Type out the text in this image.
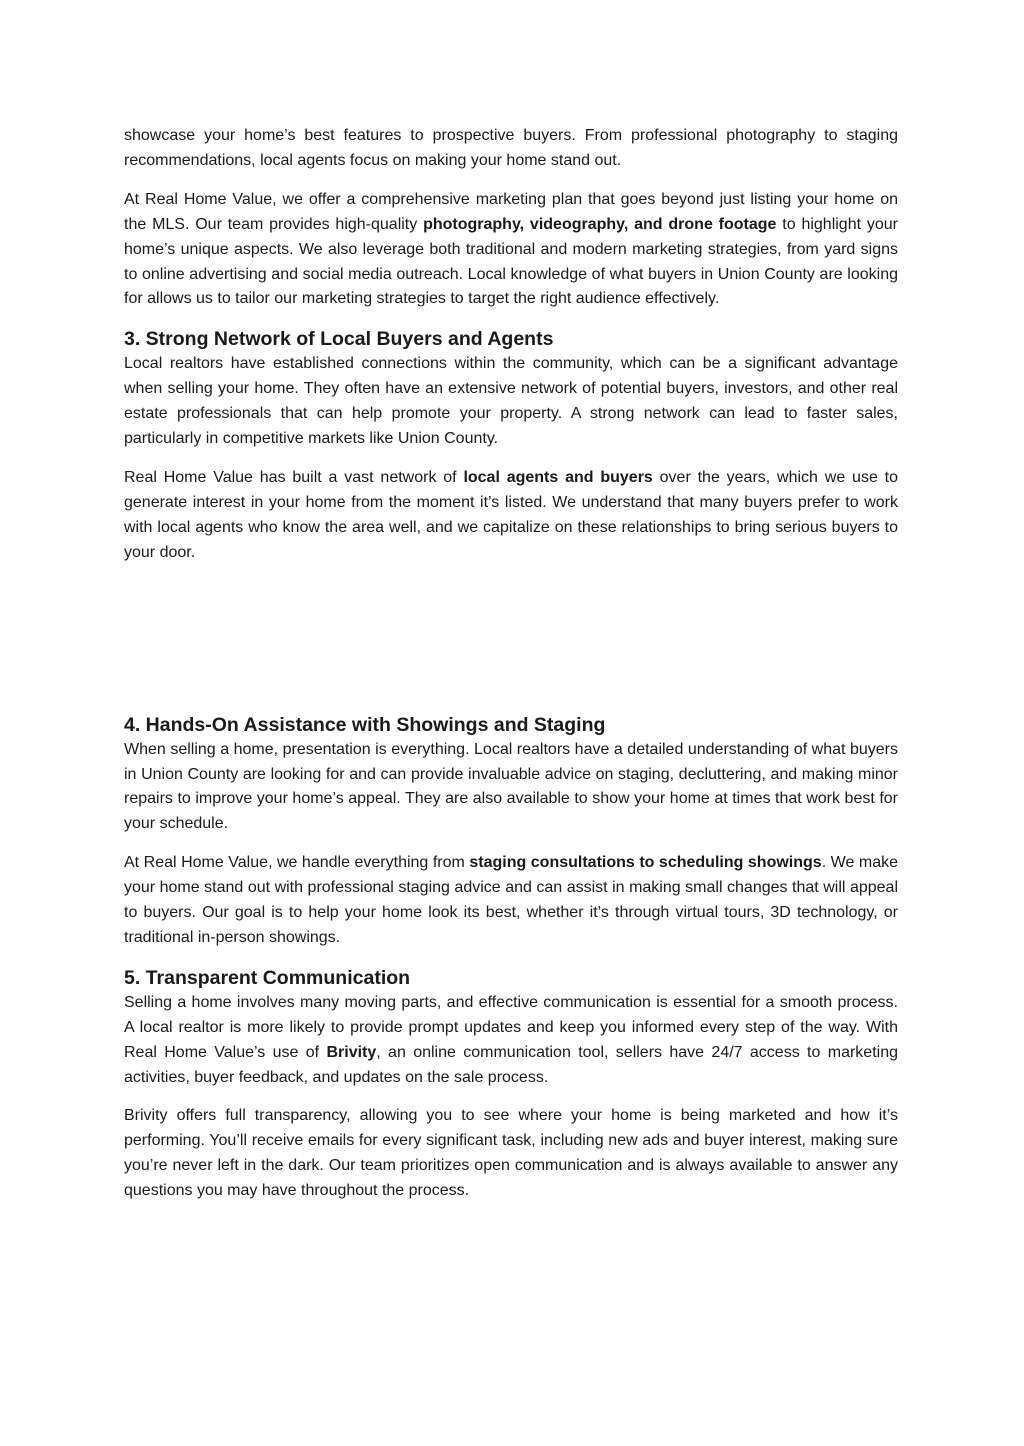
showcase your home’s best features to prospective buyers. From professional photography to staging recommendations, local agents focus on making your home stand out.

At Real Home Value, we offer a comprehensive marketing plan that goes beyond just listing your home on the MLS. Our team provides high-quality photography, videography, and drone footage to highlight your home’s unique aspects. We also leverage both traditional and modern marketing strategies, from yard signs to online advertising and social media outreach. Local knowledge of what buyers in Union County are looking for allows us to tailor our marketing strategies to target the right audience effectively.

3. Strong Network of Local Buyers and Agents

Local realtors have established connections within the community, which can be a significant advantage when selling your home. They often have an extensive network of potential buyers, investors, and other real estate professionals that can help promote your property. A strong network can lead to faster sales, particularly in competitive markets like Union County.

Real Home Value has built a vast network of local agents and buyers over the years, which we use to generate interest in your home from the moment it’s listed. We understand that many buyers prefer to work with local agents who know the area well, and we capitalize on these relationships to bring serious buyers to your door.

4. Hands-On Assistance with Showings and Staging

When selling a home, presentation is everything. Local realtors have a detailed understanding of what buyers in Union County are looking for and can provide invaluable advice on staging, decluttering, and making minor repairs to improve your home’s appeal. They are also available to show your home at times that work best for your schedule.

At Real Home Value, we handle everything from staging consultations to scheduling showings. We make your home stand out with professional staging advice and can assist in making small changes that will appeal to buyers. Our goal is to help your home look its best, whether it’s through virtual tours, 3D technology, or traditional in-person showings.

5. Transparent Communication

Selling a home involves many moving parts, and effective communication is essential for a smooth process. A local realtor is more likely to provide prompt updates and keep you informed every step of the way. With Real Home Value’s use of Brivity, an online communication tool, sellers have 24/7 access to marketing activities, buyer feedback, and updates on the sale process.

Brivity offers full transparency, allowing you to see where your home is being marketed and how it’s performing. You’ll receive emails for every significant task, including new ads and buyer interest, making sure you’re never left in the dark. Our team prioritizes open communication and is always available to answer any questions you may have throughout the process.
